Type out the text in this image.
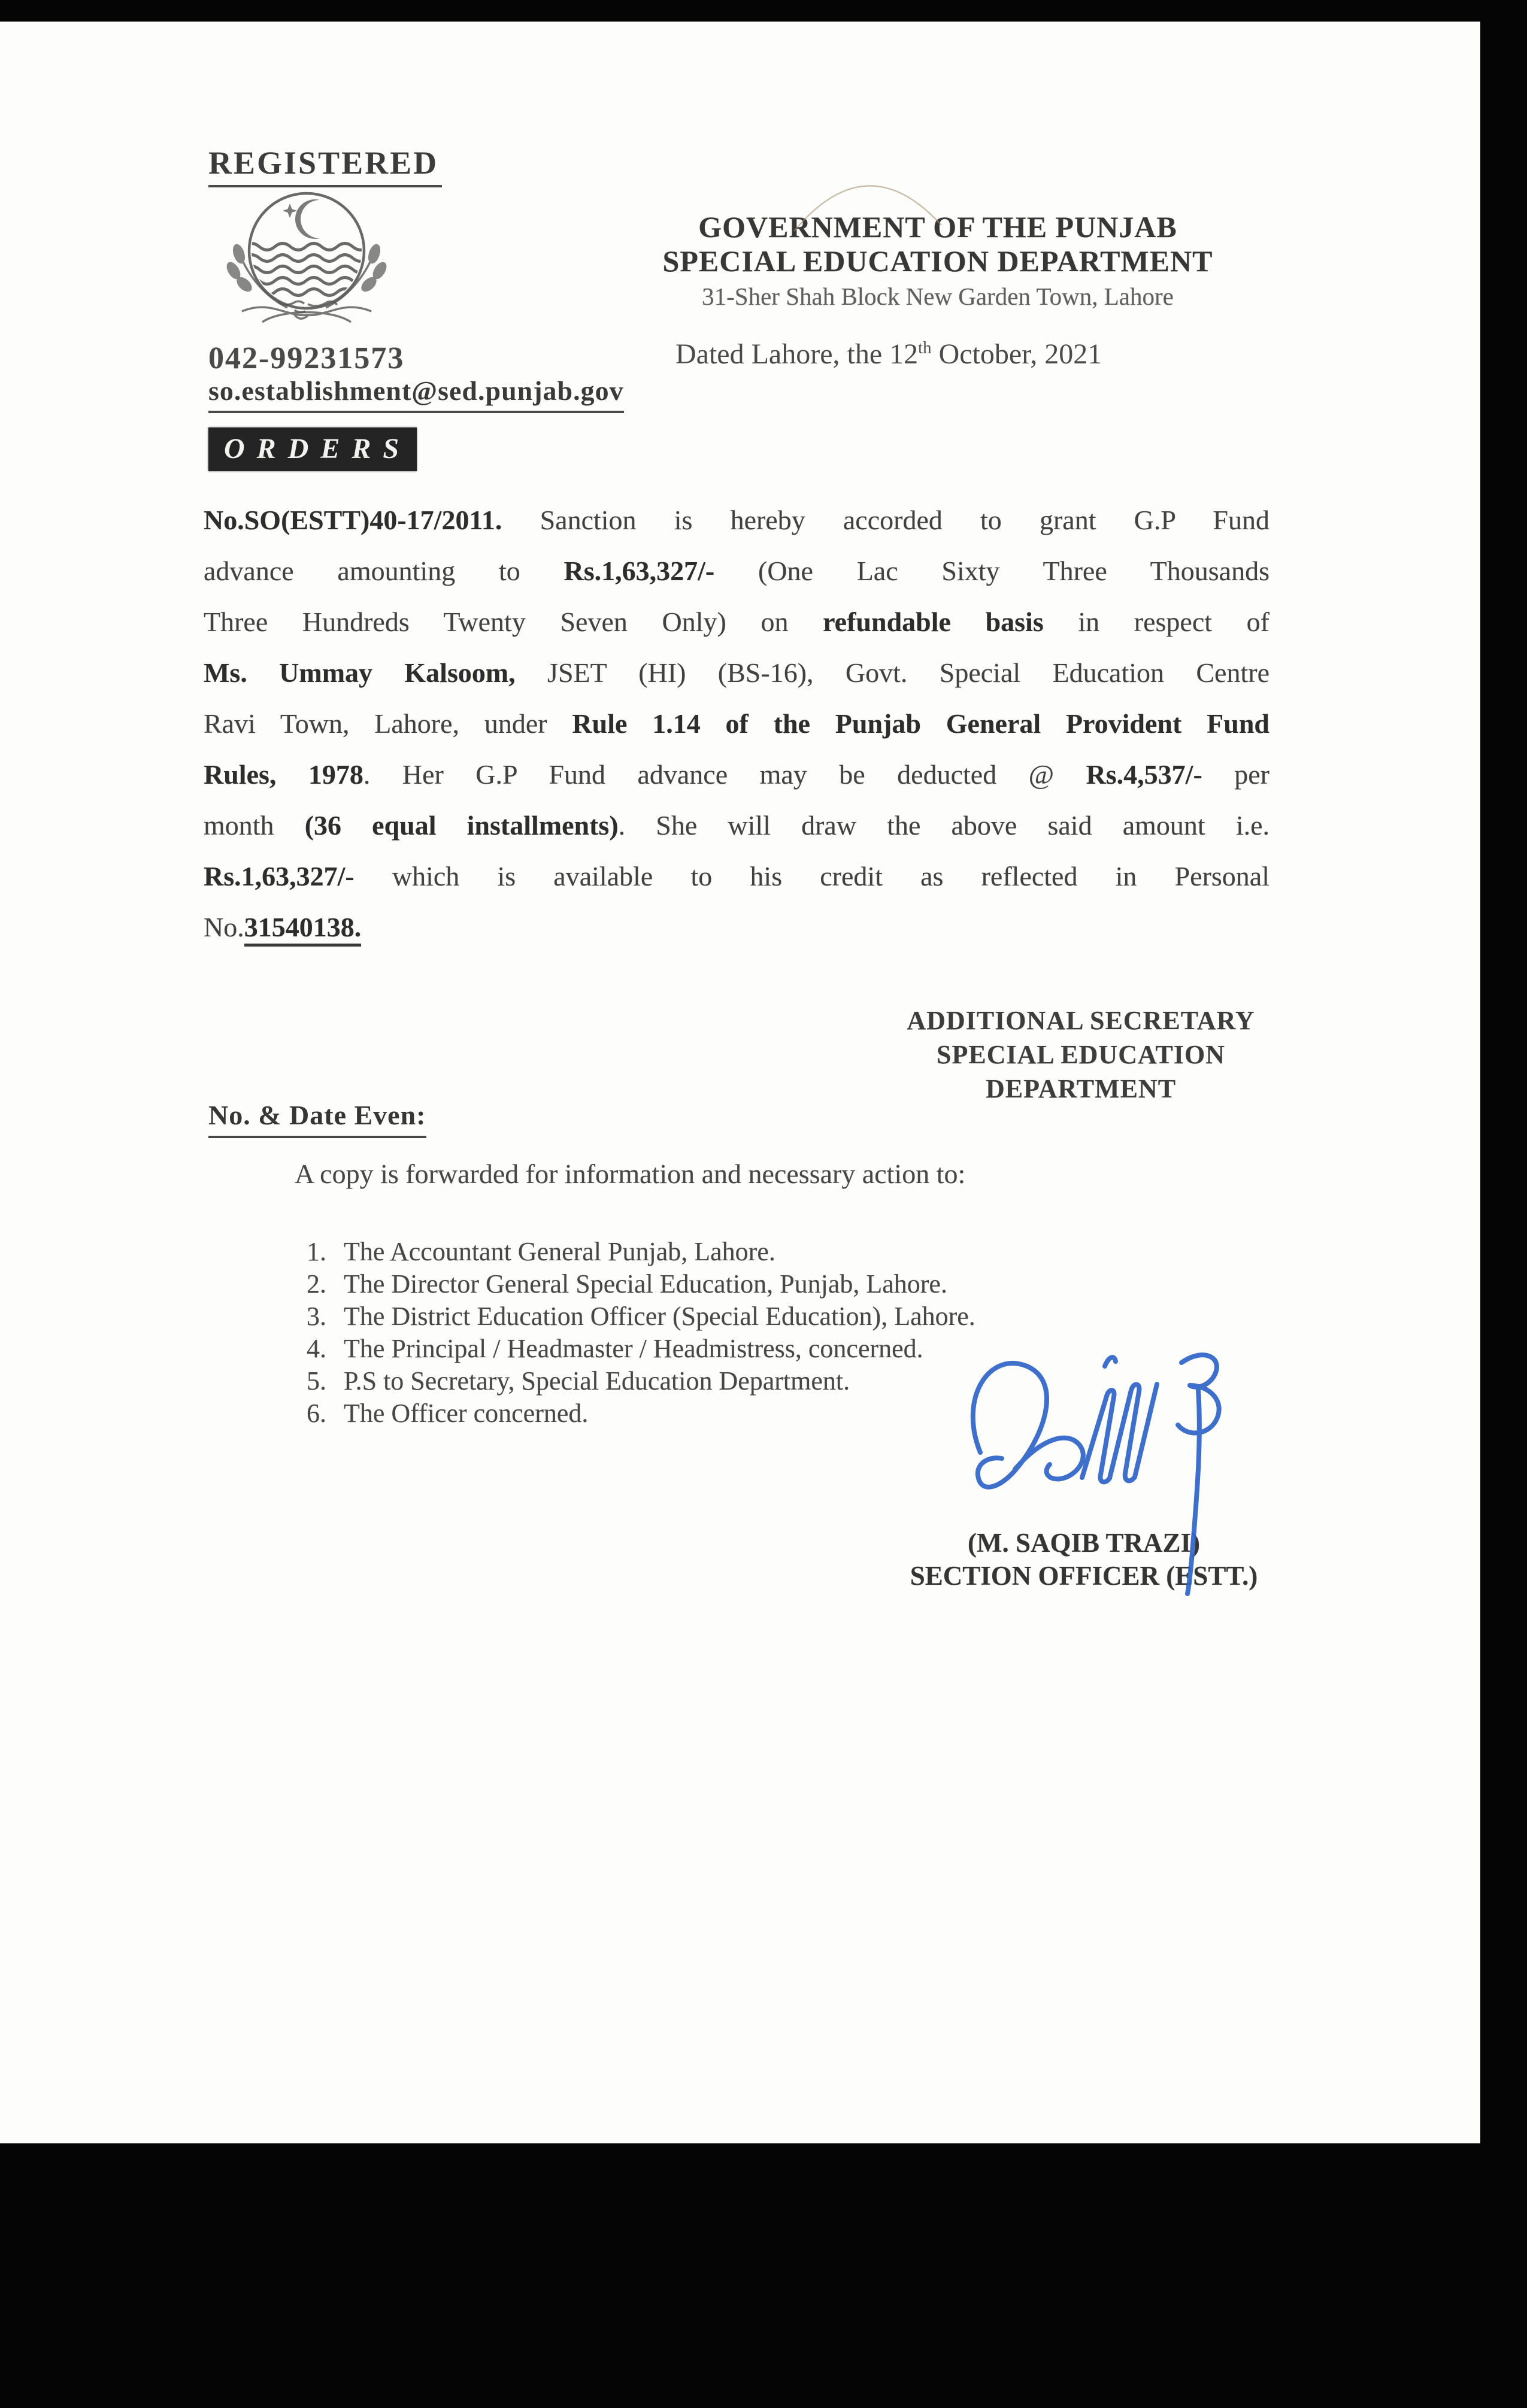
REGISTERED
GOVERNMENT OF THE PUNJAB
SPECIAL EDUCATION DEPARTMENT
31-Sher Shah Block New Garden Town, Lahore
042-99231573
so.establishment@sed.punjab.gov
Dated Lahore, the 12th October, 2021
ORDERS
No.SO(ESTT)40-17/2011. Sanction is hereby accorded to grant G.P Fund
advance amounting to Rs.1,63,327/- (One Lac Sixty Three Thousands
Three Hundreds Twenty Seven Only) on refundable basis in respect of
Ms. Ummay Kalsoom, JSET (HI) (BS-16), Govt. Special Education Centre
Ravi Town, Lahore, under Rule 1.14 of the Punjab General Provident Fund
Rules, 1978. Her G.P Fund advance may be deducted @ Rs.4,537/- per
month (36 equal installments). She will draw the above said amount i.e.
Rs.1,63,327/- which is available to his credit as reflected in Personal
No.31540138.
ADDITIONAL SECRETARY
SPECIAL EDUCATION
DEPARTMENT
No. & Date Even:
A copy is forwarded for information and necessary action to:
1. The Accountant General Punjab, Lahore.
2. The Director General Special Education, Punjab, Lahore.
3. The District Education Officer (Special Education), Lahore.
4. The Principal / Headmaster / Headmistress, concerned.
5. P.S to Secretary, Special Education Department.
6. The Officer concerned.
(M. SAQIB TRAZI)
SECTION OFFICER (ESTT.)
